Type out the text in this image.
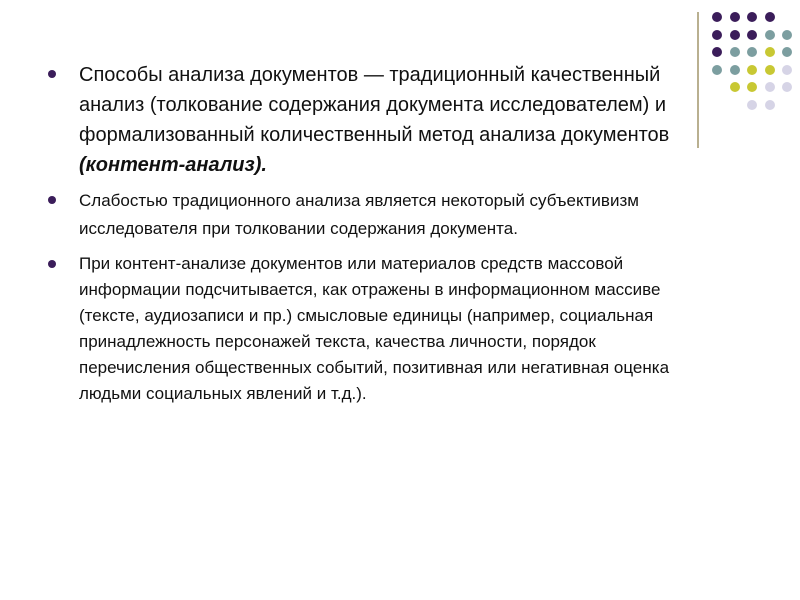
Способы анализа документов — традиционный качественный анализ (толкование содержания документа исследователем) и формализованный количественный метод анализа документов (контент-анализ).
Слабостью традиционного анализа является некоторый субъективизм исследователя при толковании содержания документа.
При контент-анализе документов или материалов средств массовой информации подсчитывается, как отражены в информационном массиве (тексте, аудиозаписи и пр.) смысловые единицы (например, социальная принадлежность персонажей текста, качества личности, порядок перечисления общественных событий, позитивная или негативная оценка людьми социальных явлений и т.д.).
